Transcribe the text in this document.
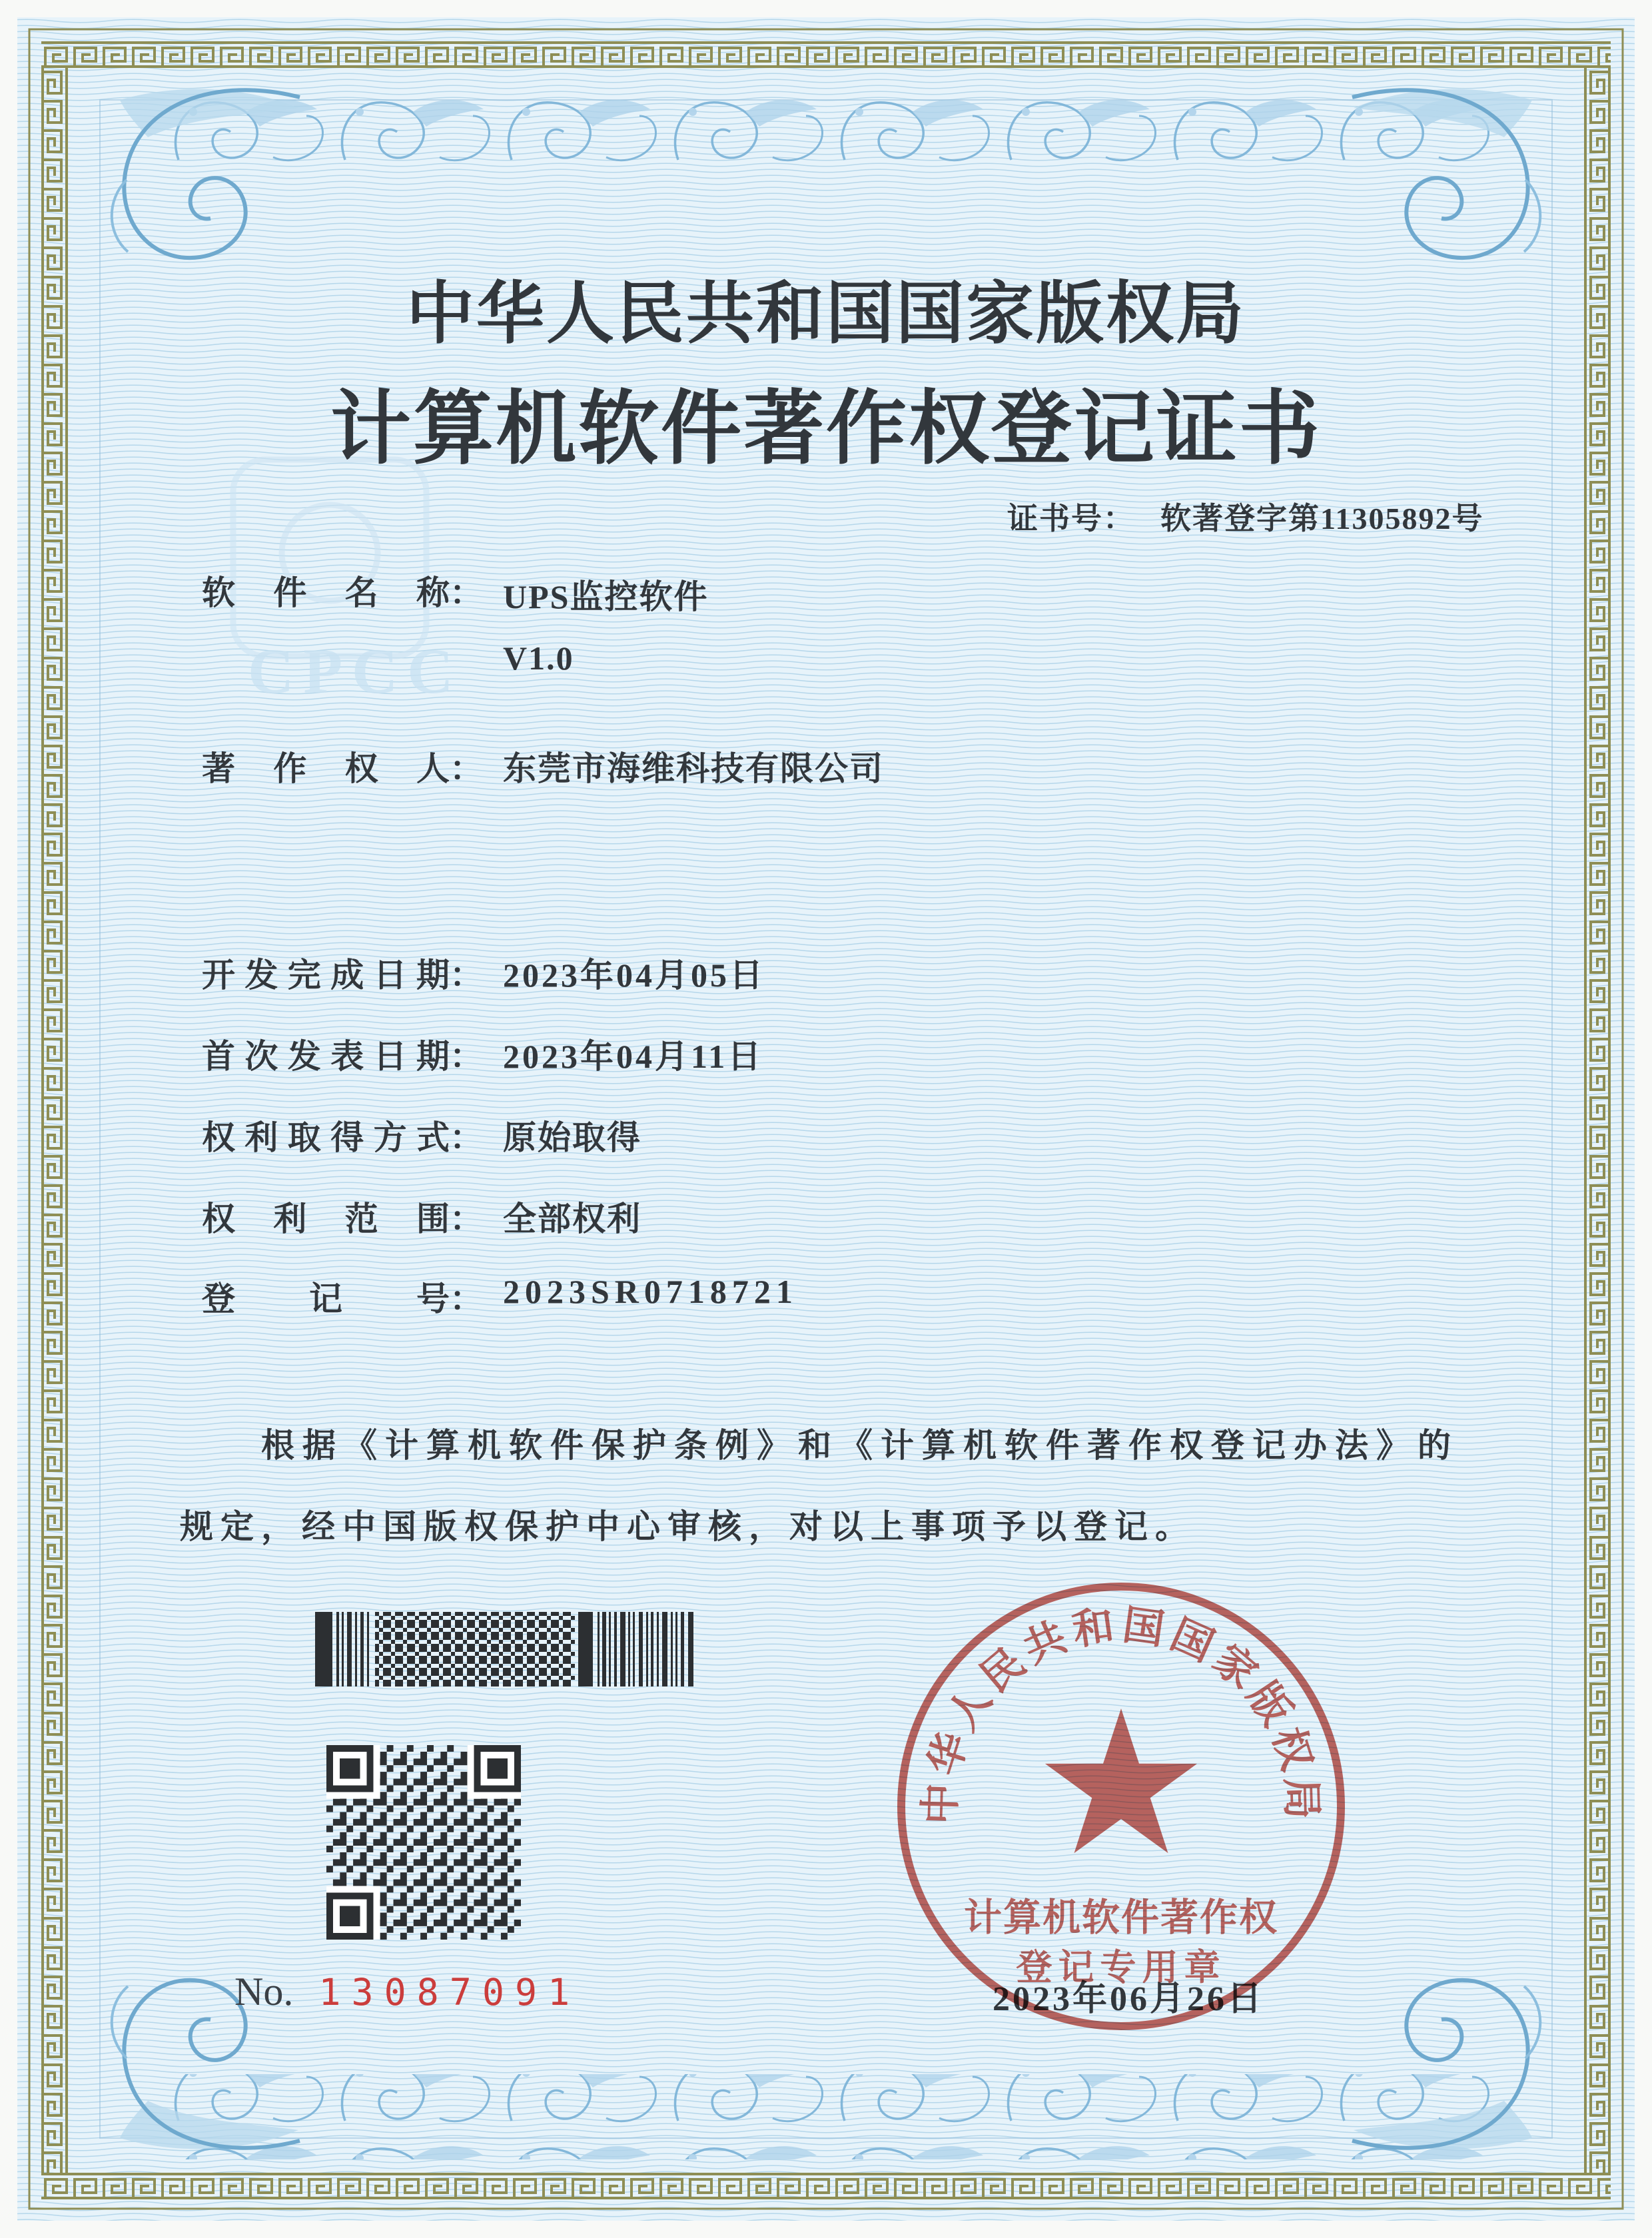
CPCC
中华人民共和国国家版权局
计算机软件著作权登记证书
证书号： 软著登字第11305892号
软件名称 ： UPS监控软件
V1.0
著作权人 ： 东莞市海维科技有限公司
开发完成日期 ： 2023年04月05日
首次发表日期 ： 2023年04月11日
权利取得方式 ： 原始取得
权利范围 ： 全部权利
登记号 ： 2023SR0718721
根据《计算机软件保护条例》和《计算机软件著作权登记办法》的
规定，经中国版权保护中心审核，对以上事项予以登记。
No. 13087091	2023年06月26日
中华人民共和国国家版权局
计算机软件著作权
登记专用章
